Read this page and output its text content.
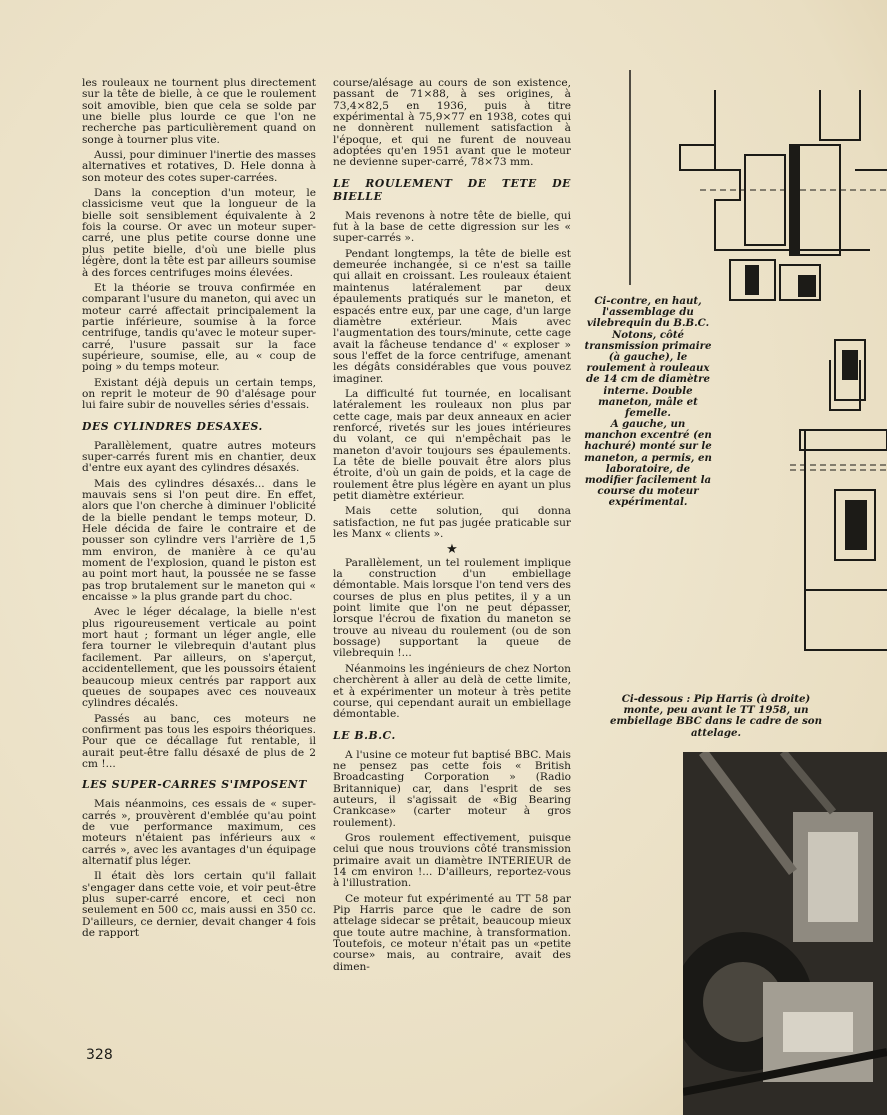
les rouleaux ne tournent plus directement sur la tête de bielle, à ce que le roulement soit amovible, bien que cela se solde par une bielle plus lourde ce que l'on ne recherche pas particulièrement quand on songe à tourner plus vite.

Aussi, pour diminuer l'inertie des masses alternatives et rotatives, D. Hele donna à son moteur des cotes super-carrées.

Dans la conception d'un moteur, le classicisme veut que la longueur de la bielle soit sensiblement équivalente à 2 fois la course. Or avec un moteur super-carré, une plus petite course donne une plus petite bielle, d'où une bielle plus légère, dont la tête est par ailleurs soumise à des forces centrifuges moins élevées.

Et la théorie se trouva confirmée en comparant l'usure du maneton, qui avec un moteur carré affectait principalement la partie inférieure, soumise à la force centrifuge, tandis qu'avec le moteur super-carré, l'usure passait sur la face supérieure, soumise, elle, au « coup de poing » du temps moteur.

Existant déjà depuis un certain temps, on reprit le moteur de 90 d'alésage pour lui faire subir de nouvelles séries d'essais.

DES CYLINDRES DESAXES.

Parallèlement, quatre autres moteurs super-carrés furent mis en chantier, deux d'entre eux ayant des cylindres désaxés.

Mais des cylindres désaxés... dans le mauvais sens si l'on peut dire. En effet, alors que l'on cherche à diminuer l'oblicité de la bielle pendant le temps moteur, D. Hele décida de faire le contraire et de pousser son cylindre vers l'arrière de 1,5 mm environ, de manière à ce qu'au moment de l'explosion, quand le piston est au point mort haut, la poussée ne se fasse pas trop brutalement sur le maneton qui « encaisse » la plus grande part du choc.

Avec le léger décalage, la bielle n'est plus rigoureusement verticale au point mort haut ; formant un léger angle, elle fera tourner le vilebrequin d'autant plus facilement. Par ailleurs, on s'aperçut, accidentellement, que les poussoirs étaient beaucoup mieux centrés par rapport aux queues de soupapes avec ces nouveaux cylindres décalés.

Passés au banc, ces moteurs ne confirment pas tous les espoirs théoriques. Pour que ce décallage fut rentable, il aurait peut-être fallu désaxé de plus de 2 cm !...

LES SUPER-CARRES S'IMPOSENT

Mais néanmoins, ces essais de « super-carrés », prouvèrent d'emblée qu'au point de vue performance maximum, ces moteurs n'étaient pas inférieurs aux « carrés », avec les avantages d'un équipage alternatif plus léger.

Il était dès lors certain qu'il fallait s'engager dans cette voie, et voir peut-être plus super-carré encore, et ceci non seulement en 500 cc, mais aussi en 350 cc. D'ailleurs, ce dernier, devait changer 4 fois de rapport

course/alésage au cours de son existence, passant de 71×88, à ses origines, à 73,4×82,5 en 1936, puis à titre expérimental à 75,9×77 en 1938, cotes qui ne donnèrent nullement satisfaction à l'époque, et qui ne furent de nouveau adoptées qu'en 1951 avant que le moteur ne devienne super-carré, 78×73 mm.

LE ROULEMENT DE TETE DE BIELLE

Mais revenons à notre tête de bielle, qui fut à la base de cette digression sur les « super-carrés ».

Pendant longtemps, la tête de bielle est demeurée inchangée, si ce n'est sa taille qui allait en croissant. Les rouleaux étaient maintenus latéralement par deux épaulements pratiqués sur le maneton, et espacés entre eux, par une cage, d'un large diamètre extérieur. Mais avec l'augmentation des tours/minute, cette cage avait la fâcheuse tendance d' « exploser » sous l'effet de la force centrifuge, amenant les dégâts considérables que vous pouvez imaginer.

La difficulté fut tournée, en localisant latéralement les rouleaux non plus par cette cage, mais par deux anneaux en acier renforcé, rivetés sur les joues intérieures du volant, ce qui n'empêchait pas le maneton d'avoir toujours ses épaulements. La tête de bielle pouvait être alors plus étroite, d'où un gain de poids, et la cage de roulement être plus légère en ayant un plus petit diamètre extérieur.

Mais cette solution, qui donna satisfaction, ne fut pas jugée praticable sur les Manx « clients ».

★

Parallèlement, un tel roulement implique la construction d'un embiellage démontable. Mais lorsque l'on tend vers des courses de plus en plus petites, il y a un point limite que l'on ne peut dépasser, lorsque l'écrou de fixation du maneton se trouve au niveau du roulement (ou de son bossage) supportant la queue de vilebrequin !...

Néanmoins les ingénieurs de chez Norton cherchèrent à aller au delà de cette limite, et à expérimenter un moteur à très petite course, qui cependant aurait un embiellage démontable.

LE B.B.C.

A l'usine ce moteur fut baptisé BBC. Mais ne pensez pas cette fois « British Broadcasting Corporation » (Radio Britannique) car, dans l'esprit de ses auteurs, il s'agissait de «Big Bearing Crankcase» (carter moteur à gros roulement).

Gros roulement effectivement, puisque celui que nous trouvions côté transmission primaire avait un diamètre INTERIEUR de 14 cm environ !... D'ailleurs, reportez-vous à l'illustration.

Ce moteur fut expérimenté au TT 58 par Pip Harris parce que le cadre de son attelage sidecar se prêtait, beaucoup mieux que toute autre machine, à transformation. Toutefois, ce moteur n'était pas un «petite course» mais, au contraire, avait des dimen-

Ci-contre, en haut, l'assemblage du vilebrequin du B.B.C. Notons, côté transmission primaire (à gauche), le roulement à rouleaux de 14 cm de diamètre interne. Double maneton, mâle et femelle.
A gauche, un manchon excentré (en hachuré) monté sur le maneton, a permis, en laboratoire, de modifier facilement la course du moteur expérimental.
Ci-dessous : Pip Harris (à droite) monte, peu avant le TT 1958, un embiellage BBC dans le cadre de son attelage.
328
